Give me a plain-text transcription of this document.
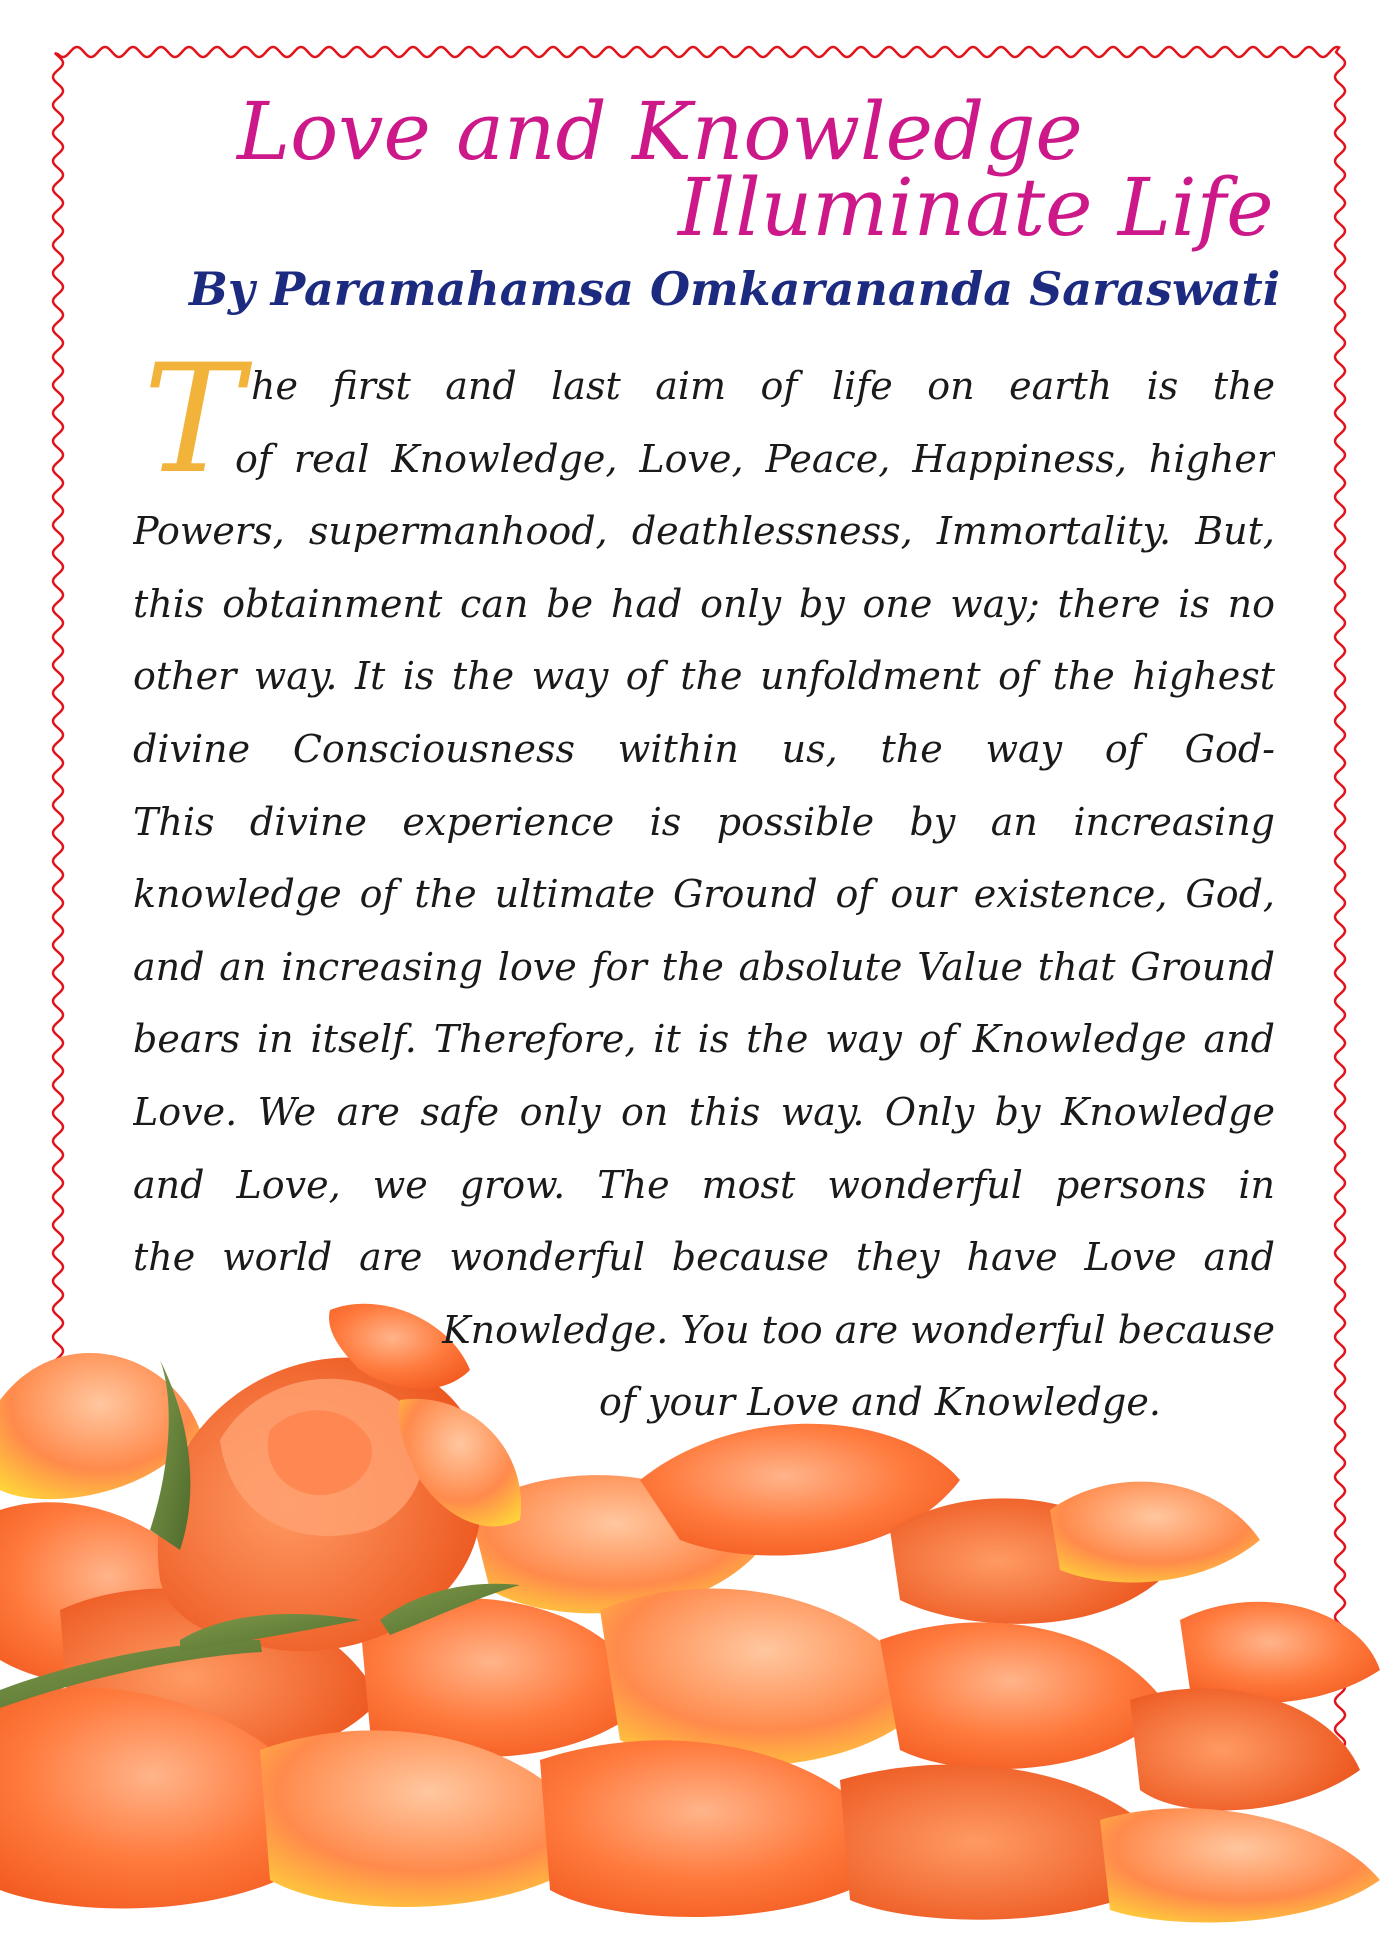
Love and Knowledge
Illuminate Life

By Paramahamsa Omkarananda Saraswati

T he first and last aim of life on earth is the
of real Knowledge, Love, Peace, Happiness, higher
Powers, supermanhood, deathlessness, Immortality. But,
this obtainment can be had only by one way; there is no
other way. It is the way of the unfoldment of the highest
divine Consciousness within us, the way of God-
This divine experience is possible by an increasing
knowledge of the ultimate Ground of our existence, God,
and an increasing love for the absolute Value that Ground
bears in itself. Therefore, it is the way of Knowledge and
Love. We are safe only on this way. Only by Knowledge
and Love, we grow. The most wonderful persons in
the world are wonderful because they have Love and
Knowledge. You too are wonderful because
of your Love and Knowledge.
